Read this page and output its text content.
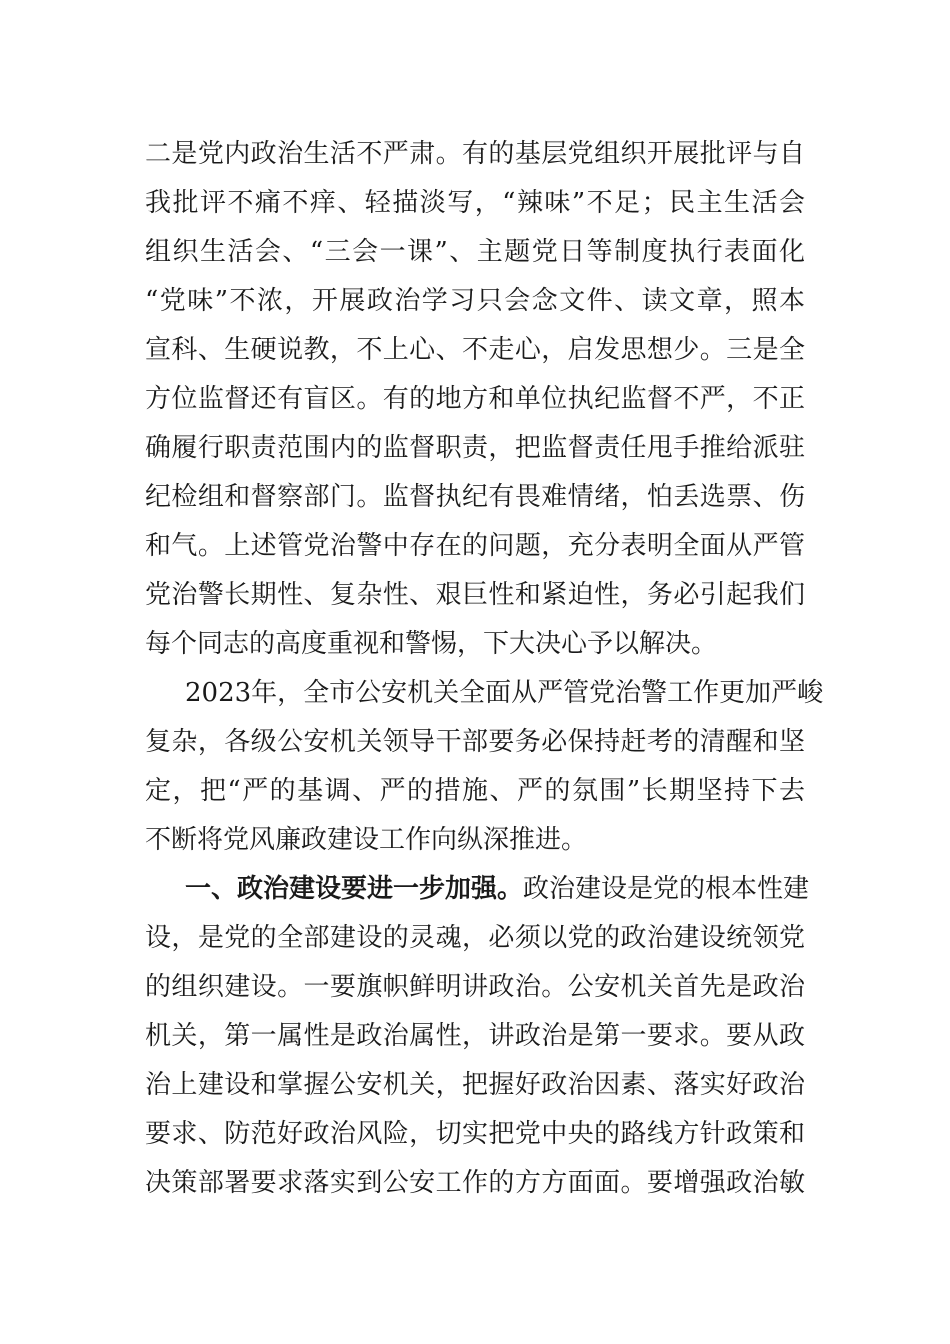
二是党内政治生活不严肃。有的基层党组织开展批评与自
我批评不痛不痒、轻描淡写，“辣味”不足；民主生活会
组织生活会、“三会一课”、主题党日等制度执行表面化
“党味”不浓，开展政治学习只会念文件、读文章，照本
宣科、生硬说教，不上心、不走心，启发思想少。三是全
方位监督还有盲区。有的地方和单位执纪监督不严，不正
确履行职责范围内的监督职责，把监督责任甩手推给派驻
纪检组和督察部门。监督执纪有畏难情绪，怕丢选票、伤
和气。上述管党治警中存在的问题，充分表明全面从严管
党治警长期性、复杂性、艰巨性和紧迫性，务必引起我们
每个同志的高度重视和警惕，下大决心予以解决。
2023年，全市公安机关全面从严管党治警工作更加严峻
复杂，各级公安机关领导干部要务必保持赶考的清醒和坚
定，把“严的基调、严的措施、严的氛围”长期坚持下去
不断将党风廉政建设工作向纵深推进。
一、政治建设要进一步加强。政治建设是党的根本性建
设，是党的全部建设的灵魂，必须以党的政治建设统领党
的组织建设。一要旗帜鲜明讲政治。公安机关首先是政治
机关，第一属性是政治属性，讲政治是第一要求。要从政
治上建设和掌握公安机关，把握好政治因素、落实好政治
要求、防范好政治风险，切实把党中央的路线方针政策和
决策部署要求落实到公安工作的方方面面。要增强政治敏
